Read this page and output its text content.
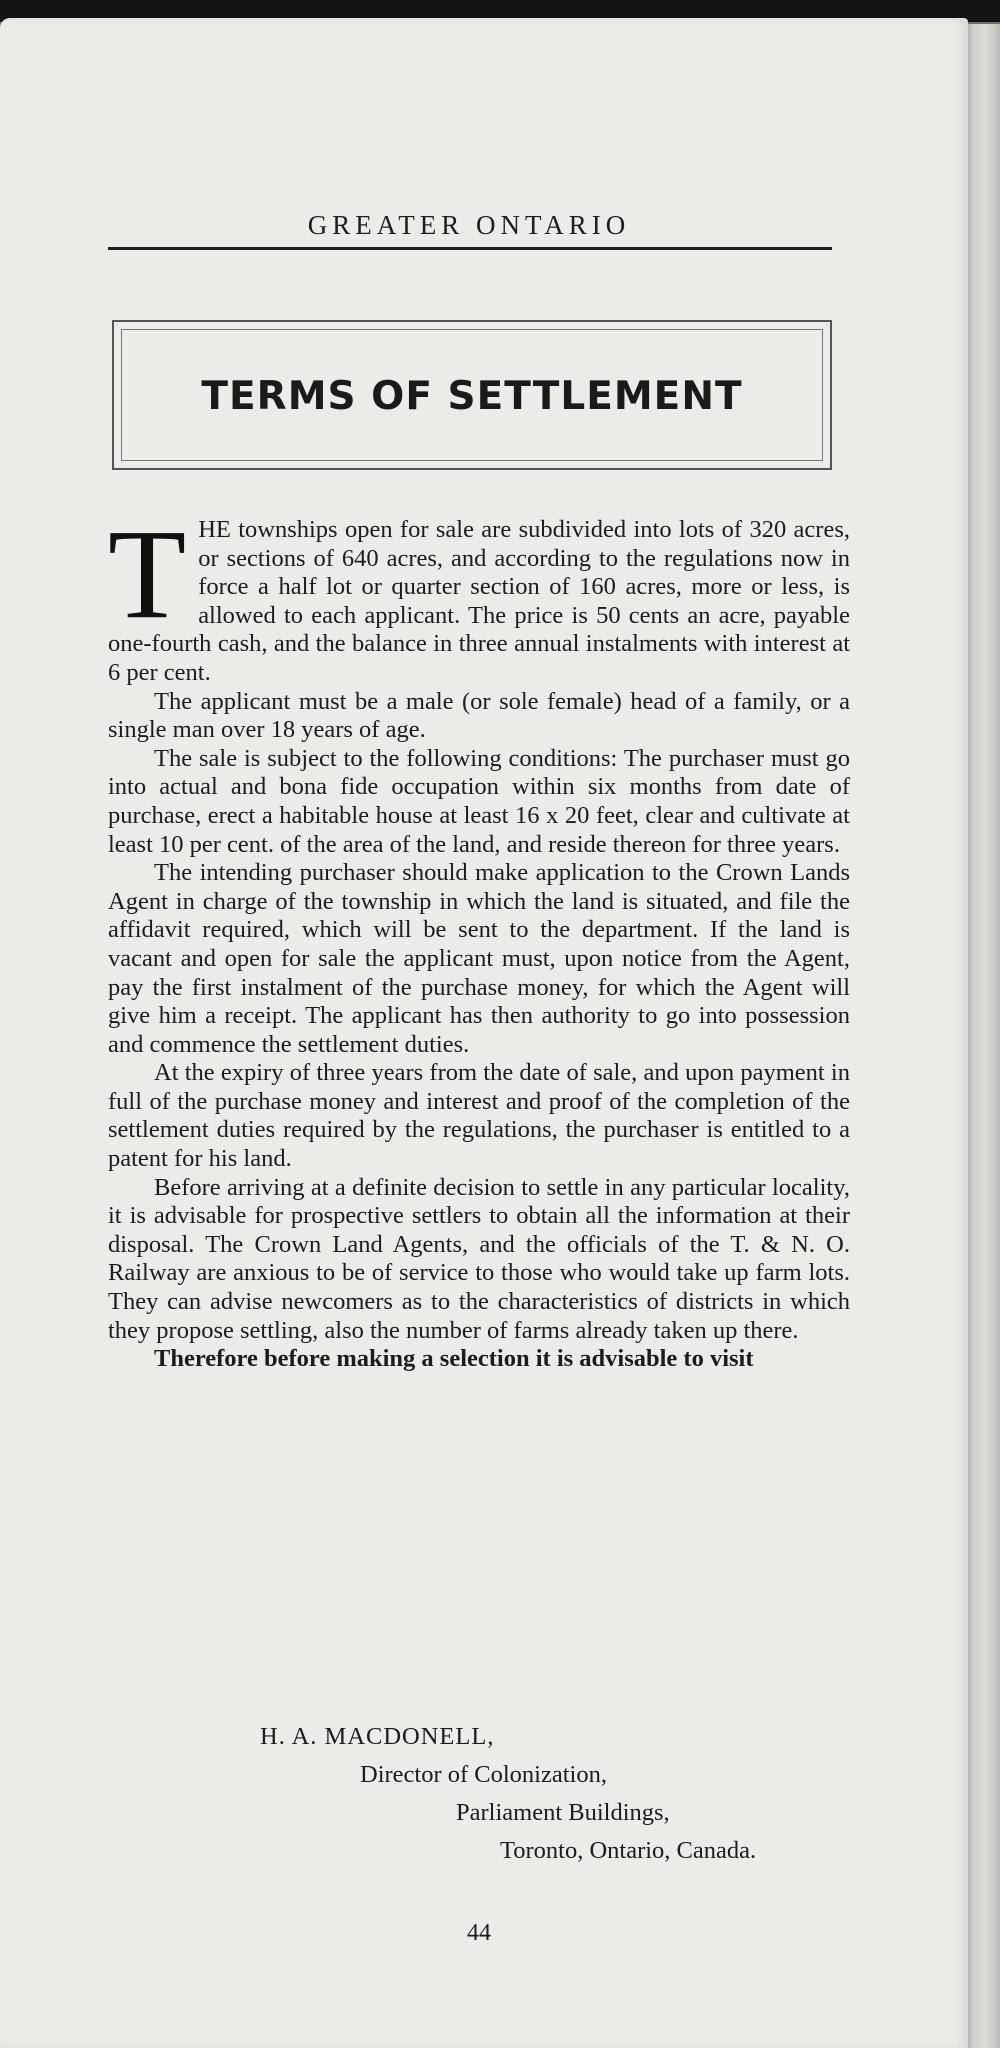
GREATER ONTARIO
TERMS OF SETTLEMENT

THE townships open for sale are subdivided into lots of 320 acres, or sections of 640 acres, and according to the regulations now in force a half lot or quarter section of 160 acres, more or less, is allowed to each applicant. The price is 50 cents an acre, payable one-fourth cash, and the balance in three annual instalments with interest at 6 per cent.

The applicant must be a male (or sole female) head of a family, or a single man over 18 years of age.

The sale is subject to the following conditions: The purchaser must go into actual and bona fide occupation within six months from date of purchase, erect a habitable house at least 16 x 20 feet, clear and cultivate at least 10 per cent. of the area of the land, and reside thereon for three years.

The intending purchaser should make application to the Crown Lands Agent in charge of the township in which the land is situated, and file the affidavit required, which will be sent to the department. If the land is vacant and open for sale the applicant must, upon notice from the Agent, pay the first instalment of the purchase money, for which the Agent will give him a receipt. The applicant has then authority to go into possession and commence the settlement duties.

At the expiry of three years from the date of sale, and upon payment in full of the purchase money and interest and proof of the completion of the settlement duties required by the regulations, the purchaser is entitled to a patent for his land.

Before arriving at a definite decision to settle in any particular locality, it is advisable for prospective settlers to obtain all the information at their disposal. The Crown Land Agents, and the officials of the T. & N. O. Railway are anxious to be of service to those who would take up farm lots. They can advise newcomers as to the characteristics of districts in which they propose settling, also the number of farms already taken up there.

Therefore before making a selection it is advisable to visit

H. A. MACDONELL,
Director of Colonization,
Parliament Buildings,
Toronto, Ontario, Canada.
44
